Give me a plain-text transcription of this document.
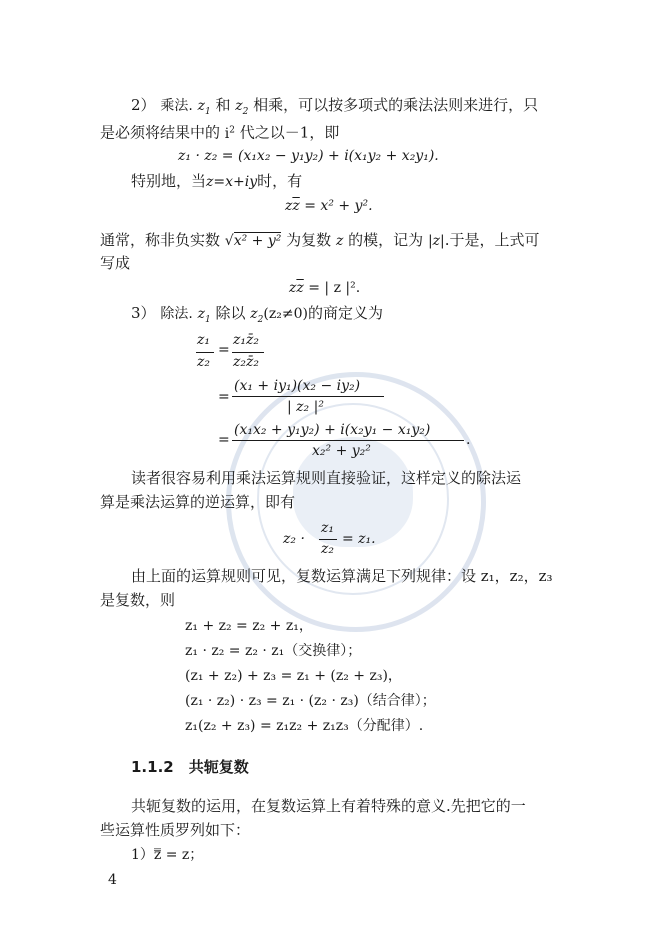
2） 乘法. $z_1$ 和 $z_2$ 相乘，可以按多项式的乘法法则来进行，只
是必须将结果中的 $i^2$ 代之以－1，即
z₁ · z₂ = (x₁x₂ − y₁y₂) + i(x₁y₂ + x₂y₁).
特别地，当z=x+iy时，有
$z\overline{z} = x^2 + y^2$.
通常，称非负实数 √x² + y² 为复数 z 的模，记为 |z|.于是，上式可
写成
$z\overline{z}$ = | z |².
3） 除法. $z_1$ 除以 $z_2(z_2\ne 0)$的商定义为
z₁
z₂
=
z₁z̄₂
z₂z̄₂
=
(x₁ + iy₁)(x₂ − iy₂)
| z₂ |²
=
(x₁x₂ + y₁y₂) + i(x₂y₁ − x₁y₂)
x₂² + y₂²
.
读者很容易利用乘法运算规则直接验证，这样定义的除法运
算是乘法运算的逆运算，即有
z₂ ·
z₁
z₂
= z₁.
由上面的运算规则可见，复数运算满足下列规律：设 z₁，z₂，z₃
是复数，则
z₁ + z₂ = z₂ + z₁，
z₁ · z₂ = z₂ · z₁（交换律）；
(z₁ + z₂) + z₃ = z₁ + (z₂ + z₃)，
(z₁ · z₂) · z₃ = z₁ · (z₂ · z₃)（结合律）；
z₁(z₂ + z₃) = z₁z₂ + z₁z₃（分配律）.
1.1.2　共轭复数
共轭复数的运用，在复数运算上有着特殊的意义.先把它的一
些运算性质罗列如下：
1）z̿ = z；
4
